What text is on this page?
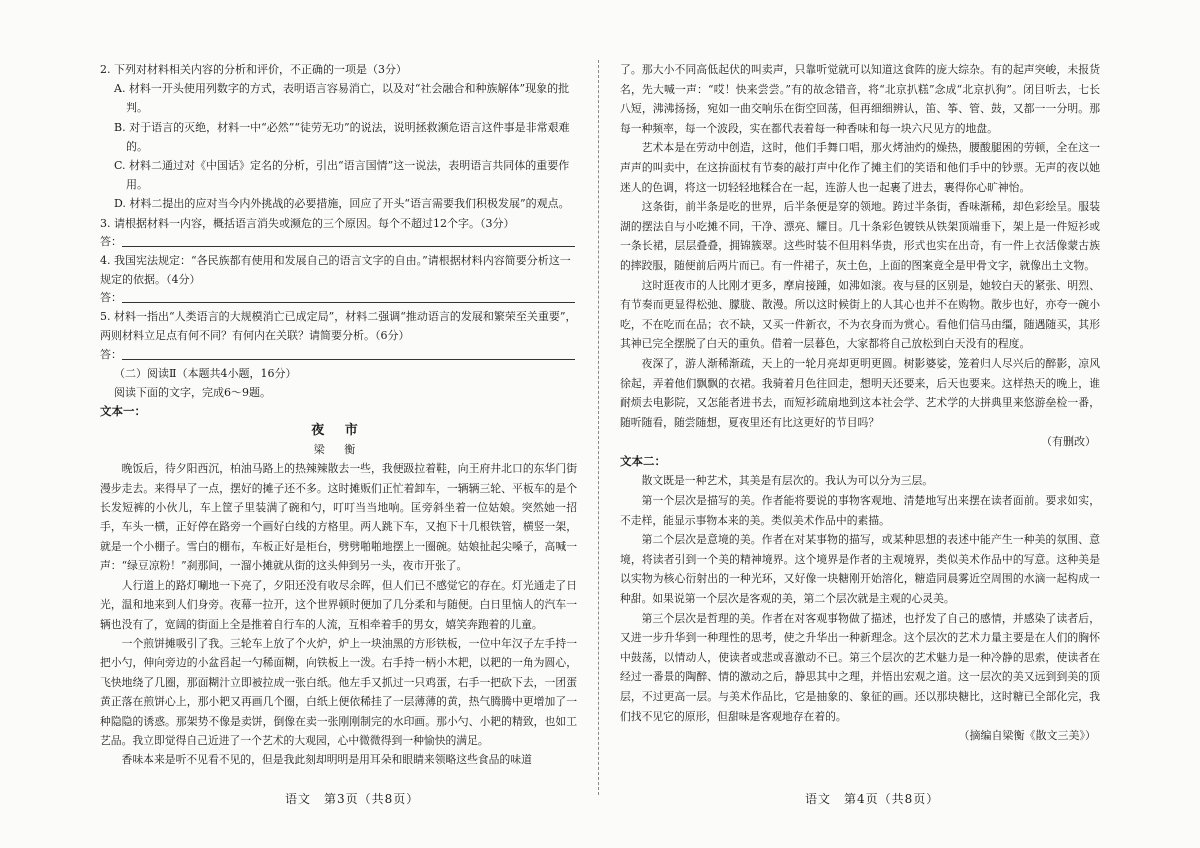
2. 下列对材料相关内容的分析和评价，不正确的一项是（3分）

A. 材料一开头使用列数字的方式，表明语言容易消亡，以及对“社会融合和种族解体”现象的批判。

B. 对于语言的灭绝，材料一中“必然”“徒劳无功”的说法，说明拯救濒危语言这件事是非常艰难的。

C. 材料二通过对《中国话》定名的分析，引出“语言国情”这一说法，表明语言共同体的重要作用。

D. 材料二提出的应对当今内外挑战的必要措施，回应了开头“语言需要我们积极发展”的观点。

3. 请根据材料一内容，概括语言消失或濒危的三个原因。每个不超过12个字。（3分）

答：

4. 我国宪法规定：“各民族都有使用和发展自己的语言文字的自由。”请根据材料内容简要分析这一规定的依据。（4分）

答：

5. 材料一指出“人类语言的大规模消亡已成定局”，材料二强调“推动语言的发展和繁荣至关重要”，两则材料立足点有何不同？有何内在关联？请简要分析。（6分）

答：

（二）阅读Ⅱ（本题共4小题，16分）

阅读下面的文字，完成6～9题。

文本一：

夜 市

梁 衡

晚饭后，待夕阳西沉，柏油马路上的热辣辣散去一些，我便趿拉着鞋，向王府井北口的东华门街漫步走去。来得早了一点，摆好的摊子还不多。这时摊贩们正忙着卸车，一辆辆三轮、平板车的是个长发短裤的小伙儿，车上筐子里装满了碗和勺，叮叮当当地响。匡旁斜坐着一位姑娘。突然她一招手，车头一横，正好停在路旁一个画好白线的方格里。两人跳下车，又抱下十几根铁管，横竖一架，就是一个小棚子。雪白的棚布，车板正好是柜台，劈劈啪啪地摆上一圈碗。姑娘扯起尖嗓子，高喊一声：“绿豆凉粉！”刹那间，一溜小摊就从街的这头伸到另一头，夜市开张了。

人行道上的路灯唰地一下亮了，夕阳还没有收尽余晖，但人们已不感觉它的存在。灯光通走了日光，温和地来到人们身旁。夜幕一拉开，这个世界顿时便加了几分柔和与随便。白日里恼人的汽车一辆也没有了，宽阔的街面上全是推着自行车的人流，互相牵着手的男女，嬉笑奔跑着的儿童。

一个煎饼摊吸引了我。三轮车上放了个火炉，炉上一块油黑的方形铁板，一位中年汉子左手持一把小勺，伸向旁边的小盆舀起一勺稀面糊，向铁板上一泼。右手持一柄小木耙，以耙的一角为圆心，飞快地绕了几圈，那面糊汁立即被拉成一张白纸。他左手又抓过一只鸡蛋，右手一把砍下去，一团蛋黄正落在煎饼心上，那小耙又再画几个圈，白纸上便依稀挂了一层薄薄的黄，热气腾腾中更增加了一种隐隐的诱惑。那架势不像是卖饼，倒像在卖一张刚刚制完的水印画。那小勺、小耙的精致，也如工艺品。我立即觉得自己近进了一个艺术的大观园，心中微微得到一种愉快的满足。

香味本来是听不见看不见的，但是我此刻却明明是用耳朵和眼睛来领略这些食品的味道

了。那大小不同高低起伏的叫卖声，只靠听觉就可以知道这食阵的庞大综杂。有的起声突峻，未报货名，先大喊一声：“哎！快来尝尝。”有的故念错音，将“北京扒糕”念成“北京扒狗”。闭目听去，七长八短，沸沸扬扬，宛如一曲交响乐在街空回荡，但再细细辨认，笛、筝、管、鼓，又都一一分明。那每一种频率，每一个波段，实在都代表着每一种香味和每一块六尺见方的地盘。

艺术本是在劳动中创造，这时，他们手舞口唱，那火烤油灼的燥热，腰酸腿困的劳顿，全在这一声声的叫卖中，在这拚面杖有节奏的敲打声中化作了摊主们的笑语和他们手中的钞票。无声的夜以她迷人的色调，将这一切轻轻地糅合在一起，连游人也一起裹了进去，裹得你心旷神怡。

这条街，前半条是吃的世界，后半条便是穿的领地。跨过半条街，香味渐稀，却色彩绘呈。服装湖的摆法自与小吃摊不同，干净、漂亮、耀目。几十条彩色镀铁从铁架顶端垂下，架上是一件短衫或一条长裙，层层叠叠，拥锦簇翠。这些时装不但用料华贵，形式也实在出奇，有一件上衣活像蒙古族的摔跤服，随便前后两片而已。有一件裙子，灰土色，上面的图案竟全是甲骨文字，就像出土文物。

这时逛夜市的人比刚才更多，摩肩接踵，如沸如滚。夜与昼的区别是，她较白天的紧张、明烈、有节奏而更显得松弛、朦胧、散漫。所以这时候街上的人其心也并不在购物。散步也好，亦夸一碗小吃，不在吃而在品；衣不缺，又买一件新衣，不为衣身而为赏心。看他们信马由缰，随遇随买，其形其神已完全摆脱了白天的重负。借着一层暮色，大家都将自己放松到白天没有的程度。

夜深了，游人渐稀渐疏，天上的一轮月亮却更明更圆。树影婆娑，笼着归人尽兴后的醉影，凉风徐起，弄着他们飘飘的衣裙。我骑着月色往回走，想明天还要来，后天也要来。这样热天的晚上，谁耐烦去电影院，又怎能者进书去，而短衫疏扇地到这本社会学、艺术学的大拼典里来悠游垒检一番，随听随看，随尝随想，夏夜里还有比这更好的节目吗？

（有删改）

文本二：

散文既是一种艺术，其美是有层次的。我认为可以分为三层。

第一个层次是描写的美。作者能将要说的事物客观地、清楚地写出来摆在读者面前。要求如实，不走样，能显示事物本来的美。类似美术作品中的素描。

第二个层次是意境的美。作者在对某事物的描写，或某种思想的表述中能产生一种美的氛围、意境，将读者引到一个美的精神境界。这个境界是作者的主观境界，类似美术作品中的写意。这种美是以实物为核心衍射出的一种光环，又好像一块糖刚开始溶化，糖造同晨雾近空周围的水滴一起构成一种甜。如果说第一个层次是客观的美，第二个层次就是主观的心灵美。

第三个层次是哲理的美。作者在对客观事物做了描述，也抒发了自己的感情，并感染了读者后，又进一步升华到一种理性的思考，使之升华出一种新理念。这个层次的艺术力量主要是在人们的胸怀中鼓荡，以情动人，使读者或悲或喜激动不已。第三个层次的艺术魅力是一种冷静的思索，使读者在经过一番景的陶醉、情的激动之后，静思其中之理，并悟出宏观之道。这一层次的美又远到到美的顶层，不过更高一层。与美术作品比，它是抽象的、象征的画。还以那块糖比，这时糖已全部化完，我们找不见它的原形，但甜味是客观地存在着的。

（摘编自梁衡《散文三美》）

语文　第3页（共8页）	语文　第4页（共8页）
